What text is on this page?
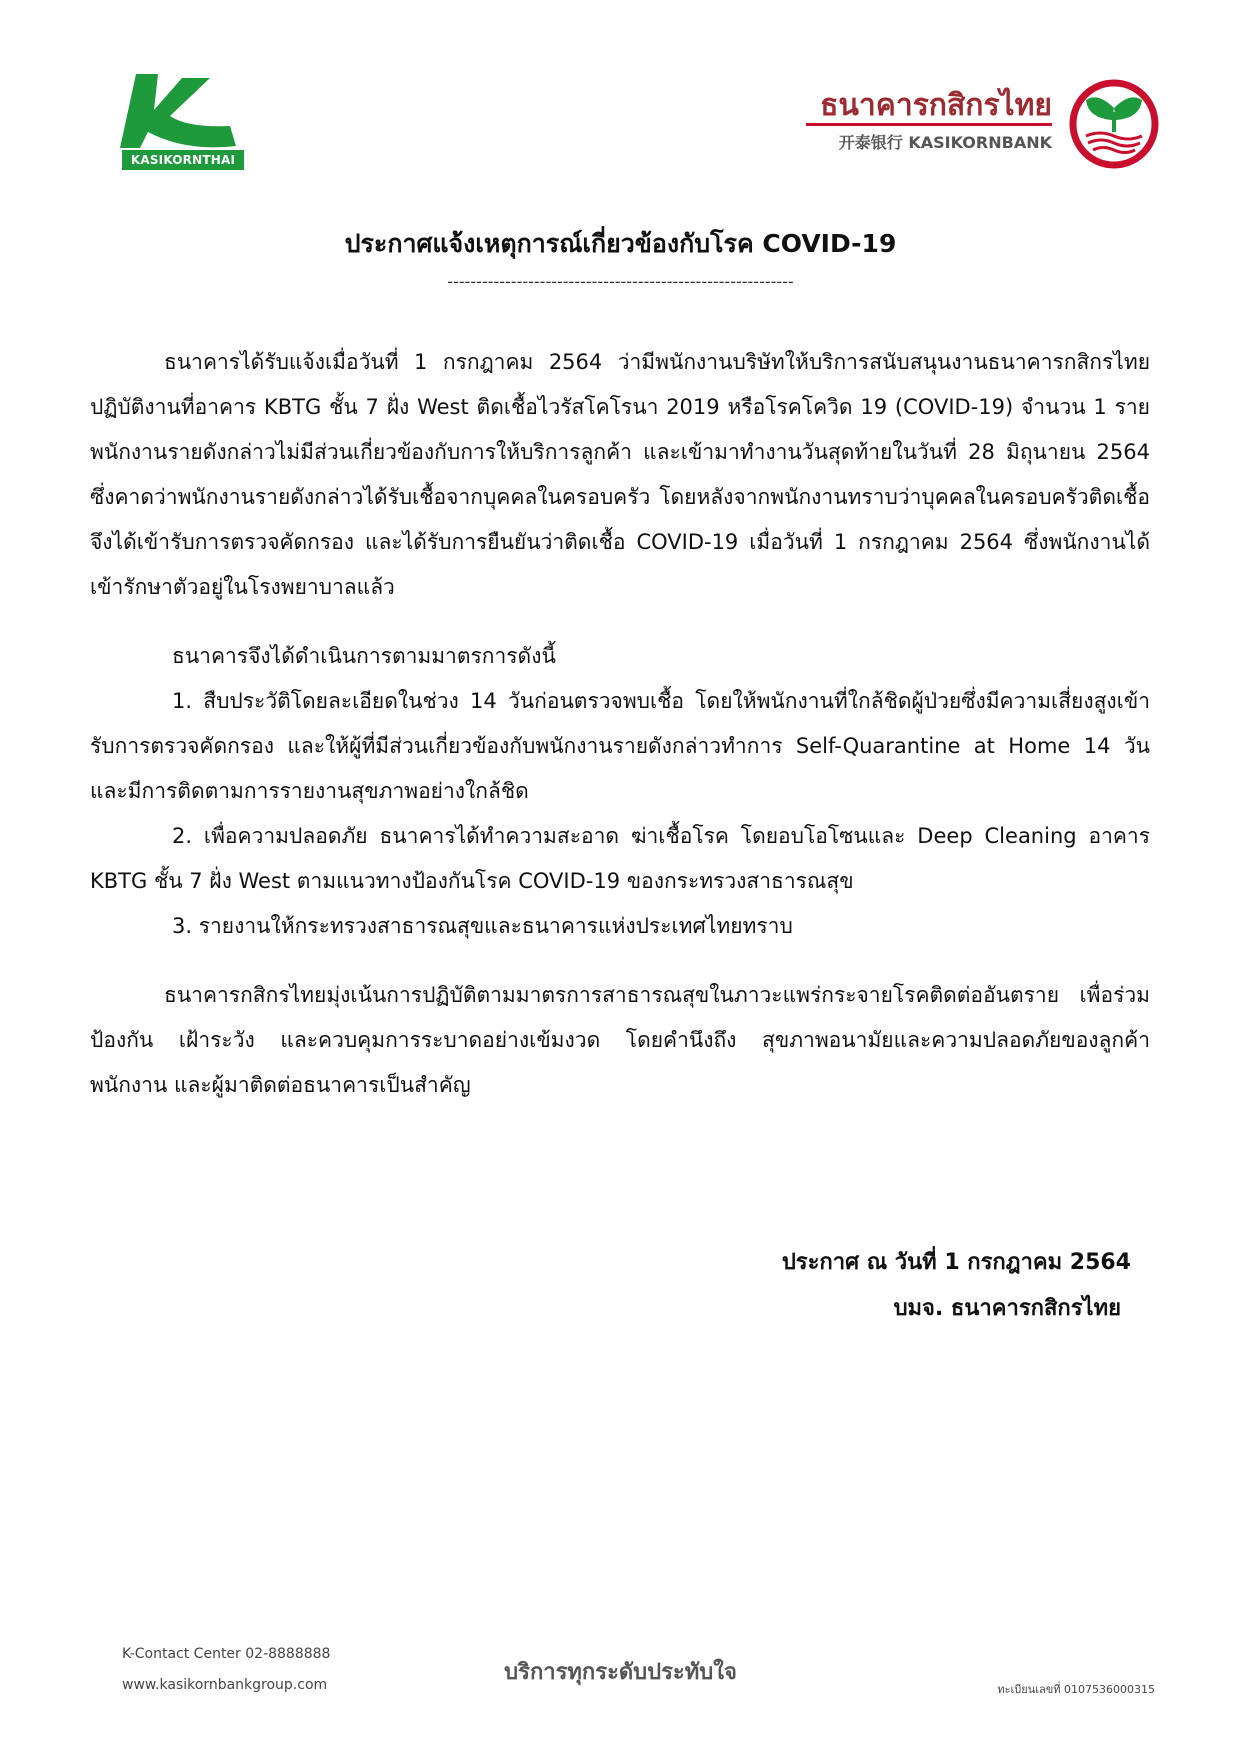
KASIKORNTHAI
ธนาคารกสิกรไทย
开泰银行 KASIKORNBANK
ประกาศแจ้งเหตุการณ์เกี่ยวข้องกับโรค COVID-19
------------------------------------------------------------

ธนาคารได้รับแจ้งเมื่อวันที่ 1 กรกฎาคม 2564 ว่ามีพนักงานบริษัทให้บริการสนับสนุนงานธนาคารกสิกรไทย ปฏิบัติงานที่อาคาร KBTG ชั้น 7 ฝั่ง West ติดเชื้อไวรัสโคโรนา 2019 หรือโรคโควิด 19 (COVID-19) จำนวน 1 ราย พนักงานรายดังกล่าวไม่มีส่วนเกี่ยวข้องกับการให้บริการลูกค้า และเข้ามาทำงานวันสุดท้ายในวันที่ 28 มิถุนายน 2564 ซึ่งคาดว่าพนักงานรายดังกล่าวได้รับเชื้อจากบุคคลในครอบครัว โดยหลังจากพนักงานทราบว่าบุคคลในครอบครัวติดเชื้อ จึงได้เข้ารับการตรวจคัดกรอง และได้รับการยืนยันว่าติดเชื้อ COVID-19 เมื่อวันที่ 1 กรกฎาคม 2564 ซึ่งพนักงานได้เข้ารักษาตัวอยู่ในโรงพยาบาลแล้ว

ธนาคารจึงได้ดำเนินการตามมาตรการดังนี้

1. สืบประวัติโดยละเอียดในช่วง 14 วันก่อนตรวจพบเชื้อ โดยให้พนักงานที่ใกล้ชิดผู้ป่วยซึ่งมีความเสี่ยงสูงเข้ารับการตรวจคัดกรอง และให้ผู้ที่มีส่วนเกี่ยวข้องกับพนักงานรายดังกล่าวทำการ Self-Quarantine at Home 14 วัน และมีการติดตามการรายงานสุขภาพอย่างใกล้ชิด

2. เพื่อความปลอดภัย ธนาคารได้ทำความสะอาด ฆ่าเชื้อโรค โดยอบโอโซนและ Deep Cleaning อาคาร KBTG ชั้น 7 ฝั่ง West ตามแนวทางป้องกันโรค COVID-19 ของกระทรวงสาธารณสุข

3. รายงานให้กระทรวงสาธารณสุขและธนาคารแห่งประเทศไทยทราบ

ธนาคารกสิกรไทยมุ่งเน้นการปฏิบัติตามมาตรการสาธารณสุขในภาวะแพร่กระจายโรคติดต่ออันตราย เพื่อร่วมป้องกัน เฝ้าระวัง และควบคุมการระบาดอย่างเข้มงวด โดยคำนึงถึง สุขภาพอนามัยและความปลอดภัยของลูกค้า พนักงาน และผู้มาติดต่อธนาคารเป็นสำคัญ

ประกาศ ณ วันที่ 1 กรกฎาคม 2564
บมจ. ธนาคารกสิกรไทย
K-Contact Center 02-8888888
www.kasikornbankgroup.com	บริการทุกระดับประทับใจ
ทะเบียนเลขที่ 0107536000315
